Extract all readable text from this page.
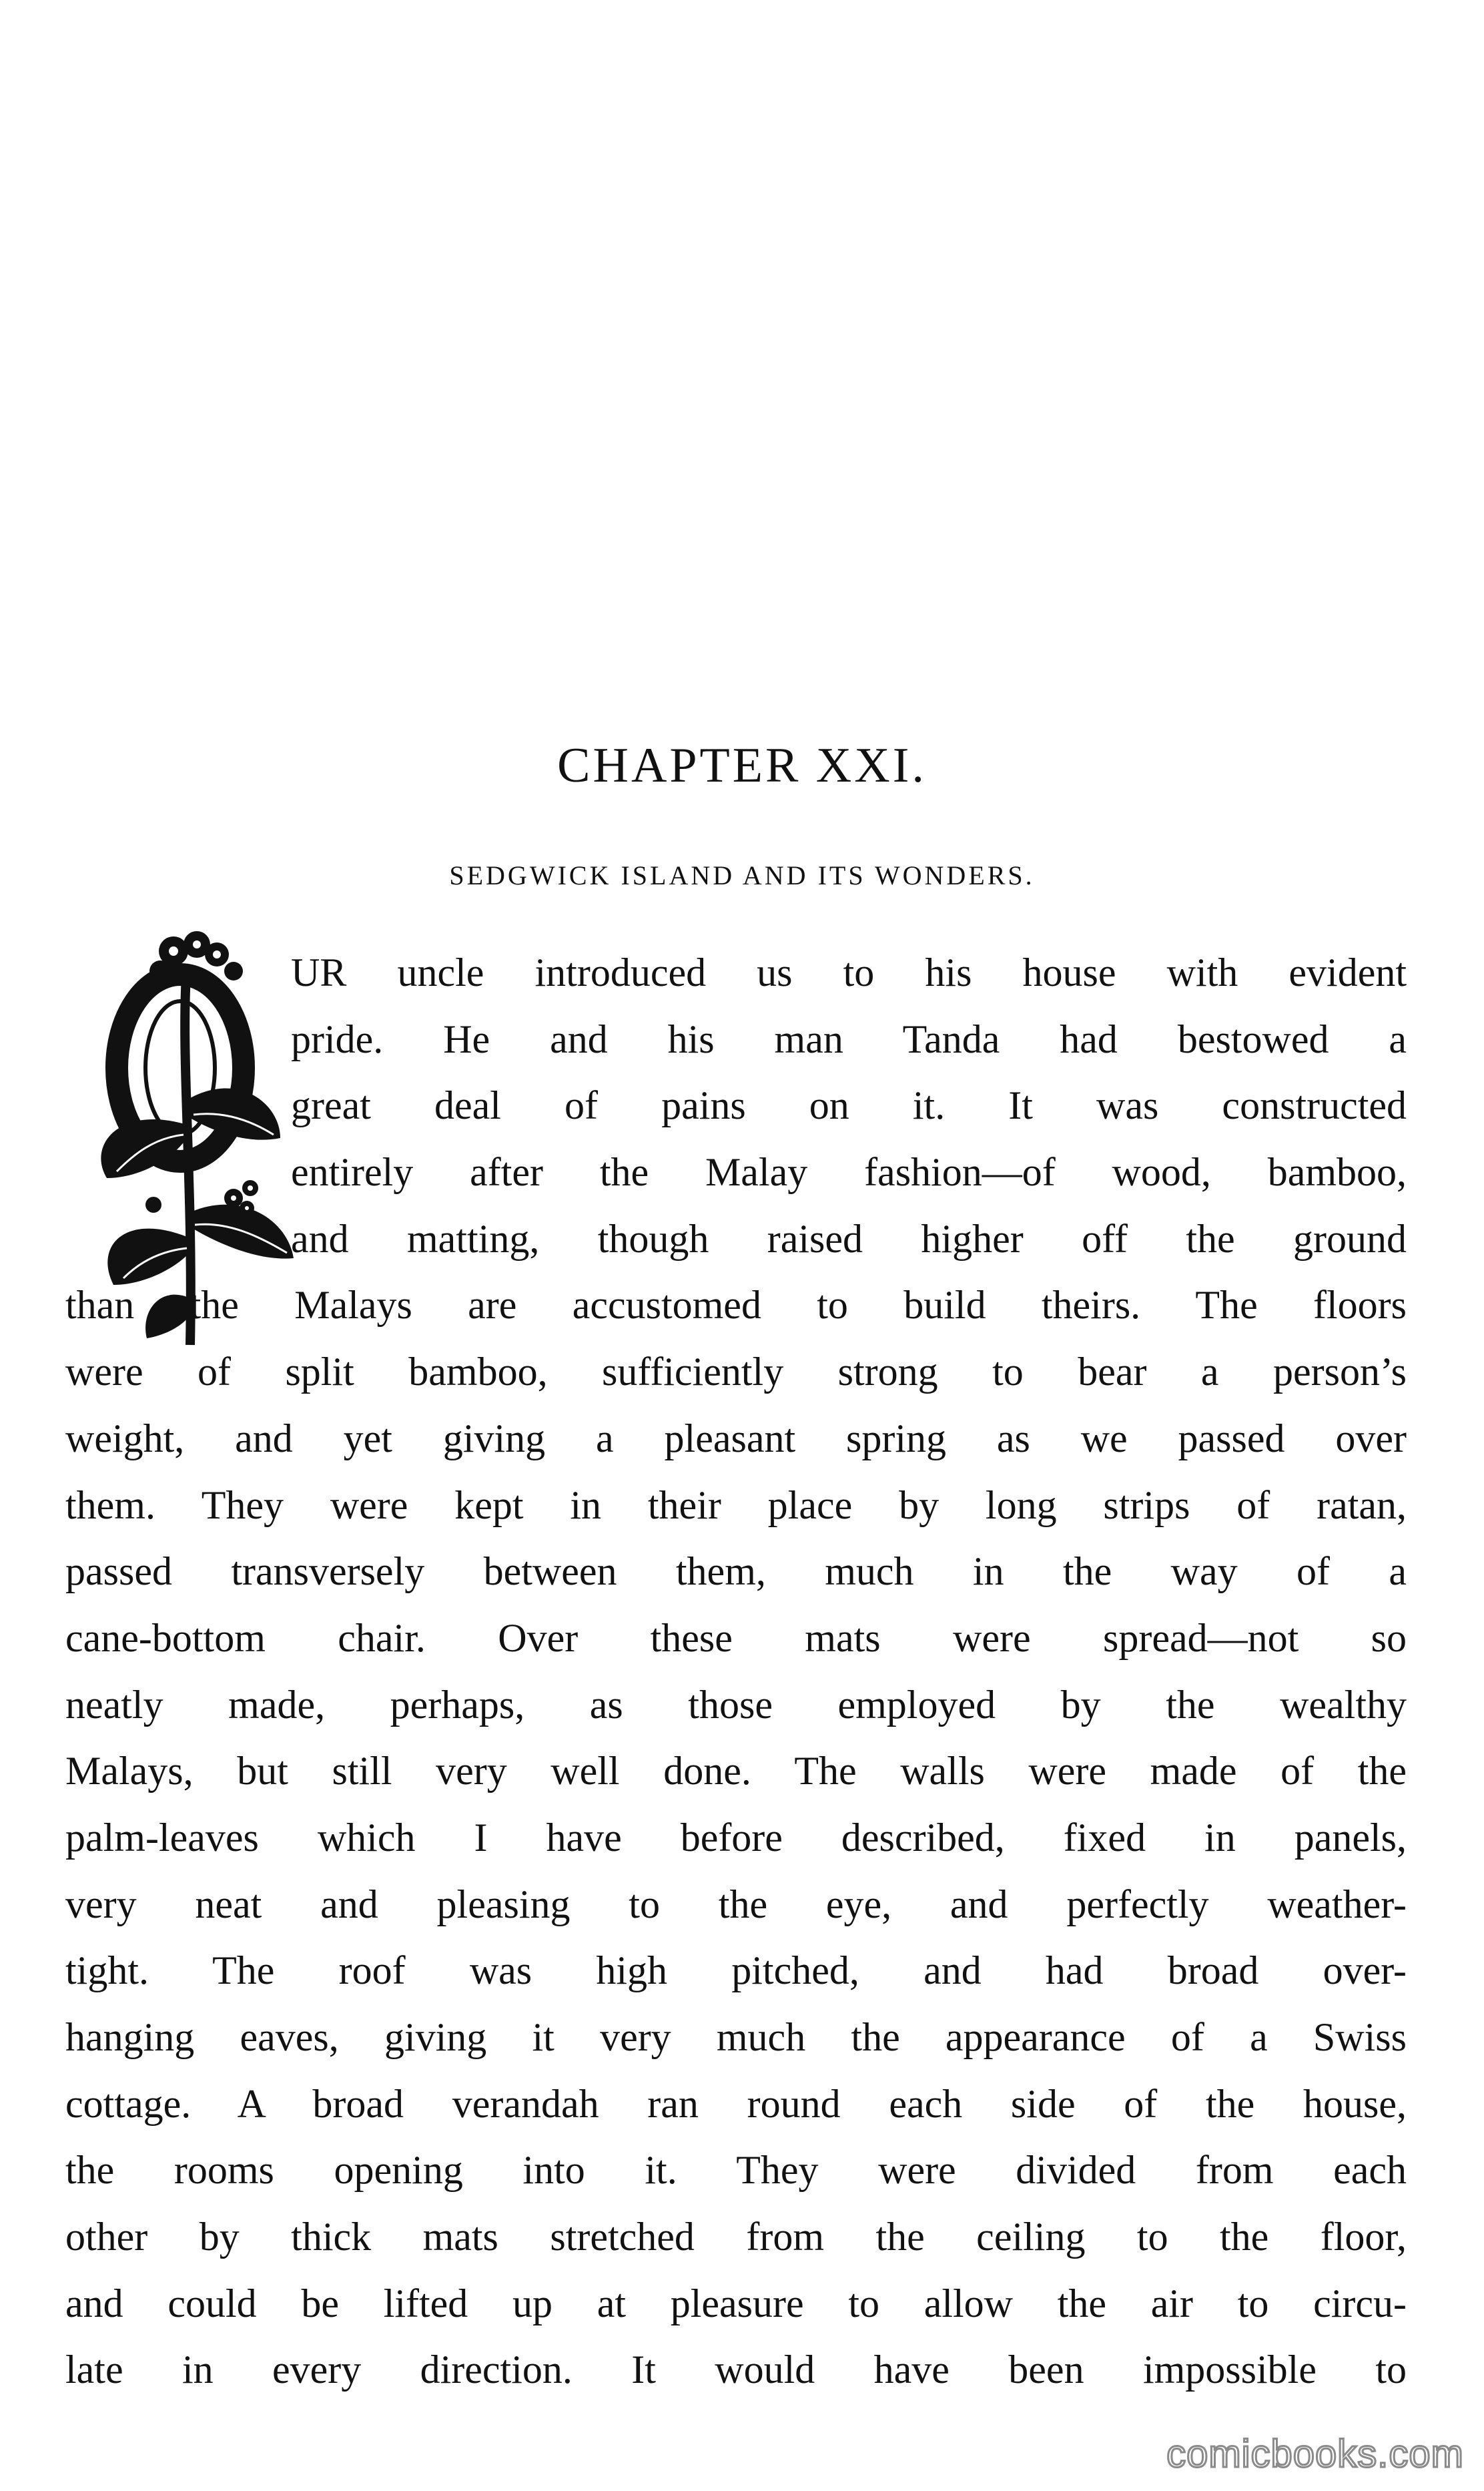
CHAPTER XXI.
SEDGWICK ISLAND AND ITS WONDERS.
UR uncle introduced us to his house with evident
pride. He and his man Tanda had bestowed a
great deal of pains on it. It was constructed
entirely after the Malay fashion—of wood, bamboo,
and matting, though raised higher off the ground
than the Malays are accustomed to build theirs. The floors
were of split bamboo, sufficiently strong to bear a person’s
weight, and yet giving a pleasant spring as we passed over
them. They were kept in their place by long strips of ratan,
passed transversely between them, much in the way of a
cane-bottom chair. Over these mats were spread—not so
neatly made, perhaps, as those employed by the wealthy
Malays, but still very well done. The walls were made of the
palm-leaves which I have before described, fixed in panels,
very neat and pleasing to the eye, and perfectly weather-
tight. The roof was high pitched, and had broad over-
hanging eaves, giving it very much the appearance of a Swiss
cottage. A broad verandah ran round each side of the house,
the rooms opening into it. They were divided from each
other by thick mats stretched from the ceiling to the floor,
and could be lifted up at pleasure to allow the air to circu-
late in every direction. It would have been impossible to
comicbooks.com
